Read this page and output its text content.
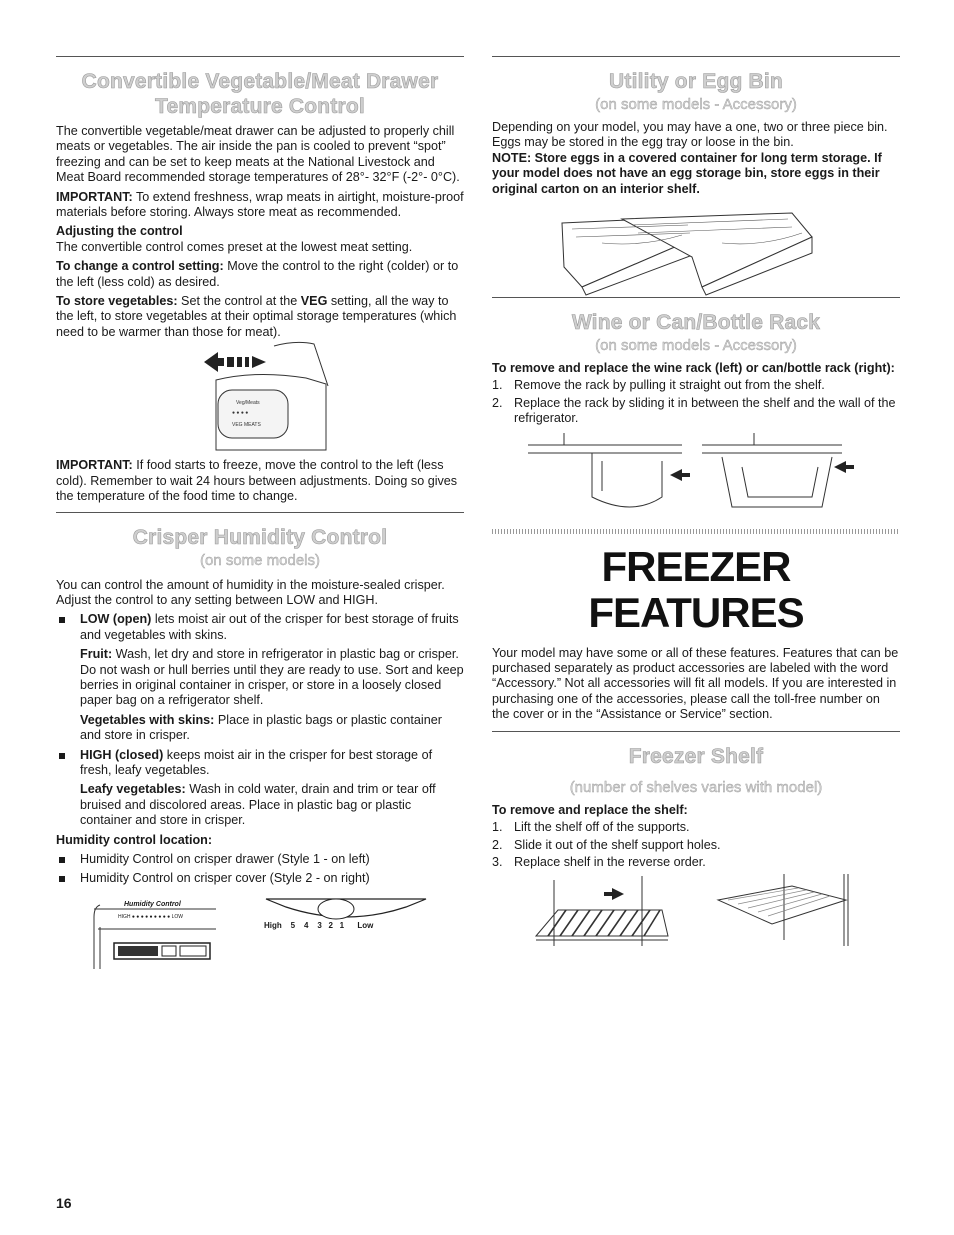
Convertible Vegetable/Meat Drawer
Temperature Control

The convertible vegetable/meat drawer can be adjusted to properly chill meats or vegetables. The air inside the pan is cooled to prevent “spot” freezing and can be set to keep meats at the National Livestock and Meat Board recommended storage temperatures of 28°- 32°F (-2°- 0°C).

IMPORTANT: To extend freshness, wrap meats in airtight, moisture-proof materials before storing. Always store meat as recommended.

Adjusting the control

The convertible control comes preset at the lowest meat setting.

To change a control setting: Move the control to the right (colder) or to the left (less cold) as desired.

To store vegetables: Set the control at the VEG setting, all the way to the left, to store vegetables at their optimal storage temperatures (which need to be warmer than those for meat).

Veg/Meats
● ● ● ●
VEG MEATS

IMPORTANT: If food starts to freeze, move the control to the left (less cold). Remember to wait 24 hours between adjustments. Doing so gives the temperature of the food time to change.

Crisper Humidity Control
(on some models)

You can control the amount of humidity in the moisture-sealed crisper. Adjust the control to any setting between LOW and HIGH.

LOW (open) lets moist air out of the crisper for best storage of fruits and vegetables with skins.

Fruit: Wash, let dry and store in refrigerator in plastic bag or crisper. Do not wash or hull berries until they are ready to use. Sort and keep berries in original container in crisper, or store in a loosely closed paper bag on a refrigerator shelf.

Vegetables with skins: Place in plastic bags or plastic container and store in crisper.

HIGH (closed) keeps moist air in the crisper for best storage of fresh, leafy vegetables.

Leafy vegetables: Wash in cold water, drain and trim or tear off bruised and discolored areas. Place in plastic bag or plastic container and store in crisper.

Humidity control location:

Humidity Control on crisper drawer (Style 1 - on left)

Humidity Control on crisper cover (Style 2 - on right)

Humidity Control
HIGH ● ● ● ● ● ● ● ● ● LOW
High 5 4 3 2 1 Low
Utility or Egg Bin
(on some models - Accessory)

Depending on your model, you may have a one, two or three piece bin. Eggs may be stored in the egg tray or loose in the bin.

NOTE: Store eggs in a covered container for long term storage. If your model does not have an egg storage bin, store eggs in their original carton on an interior shelf.

Wine or Can/Bottle Rack
(on some models - Accessory)

To remove and replace the wine rack (left) or can/bottle rack (right):

1. Remove the rack by pulling it straight out from the shelf.

2. Replace the rack by sliding it in between the shelf and the wall of the refrigerator.

FREEZER FEATURES

Your model may have some or all of these features. Features that can be purchased separately as product accessories are labeled with the word “Accessory.” Not all accessories will fit all models. If you are interested in purchasing one of the accessories, please call the toll-free number on the cover or in the “Assistance or Service” section.

Freezer Shelf
(number of shelves varies with model)

To remove and replace the shelf:

1. Lift the shelf off of the supports.

2. Slide it out of the shelf support holes.

3. Replace shelf in the reverse order.

16
